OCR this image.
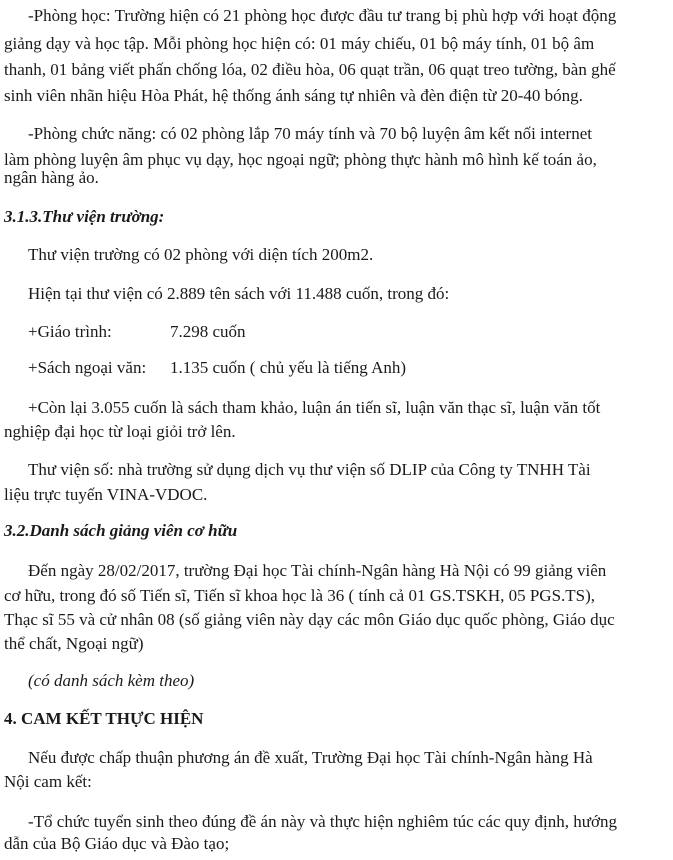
-Phòng học: Trường hiện có 21 phòng học được đầu tư trang bị phù hợp với hoạt động
giảng dạy và học tập. Mỗi phòng học hiện có: 01 máy chiếu, 01 bộ máy tính, 01 bộ âm
thanh, 01 bảng viết phấn chống lóa, 02 điều hòa, 06 quạt trần, 06 quạt treo tường, bàn ghế
sinh viên nhãn hiệu Hòa Phát, hệ thống ánh sáng tự nhiên và đèn điện từ 20-40 bóng.
-Phòng chức năng: có 02 phòng lắp 70 máy tính và 70 bộ luyện âm kết nối internet
làm phòng luyện âm phục vụ dạy, học ngoại ngữ; phòng thực hành mô hình kế toán ảo,
ngân hàng ảo.
3.1.3.Thư viện trường:
Thư viện trường có 02 phòng với diện tích 200m2.
Hiện tại thư viện có 2.889 tên sách với 11.488 cuốn, trong đó:
+Giáo trình:	7.298 cuốn
+Sách ngoại văn: 1.135 cuốn ( chủ yếu là tiếng Anh)
+Còn lại 3.055 cuốn là sách tham khảo, luận án tiến sĩ, luận văn thạc sĩ, luận văn tốt
nghiệp đại học từ loại giỏi trở lên.
Thư viện số: nhà trường sử dụng dịch vụ thư viện số DLIP của Công ty TNHH Tài
liệu trực tuyến VINA-VDOC.
3.2.Danh sách giảng viên cơ hữu
Đến ngày 28/02/2017, trường Đại học Tài chính-Ngân hàng Hà Nội có 99 giảng viên
cơ hữu, trong đó số Tiến sĩ, Tiến sĩ khoa học là 36 ( tính cả 01 GS.TSKH, 05 PGS.TS),
Thạc sĩ 55 và cử nhân 08 (số giảng viên này dạy các môn Giáo dục quốc phòng, Giáo dục
thể chất, Ngoại ngữ)
(có danh sách kèm theo)
4. CAM KẾT THỰC HIỆN
Nếu được chấp thuận phương án đề xuất, Trường Đại học Tài chính-Ngân hàng Hà
Nội cam kết:
-Tổ chức tuyển sinh theo đúng đề án này và thực hiện nghiêm túc các quy định, hướng
dẫn của Bộ Giáo dục và Đào tạo;
